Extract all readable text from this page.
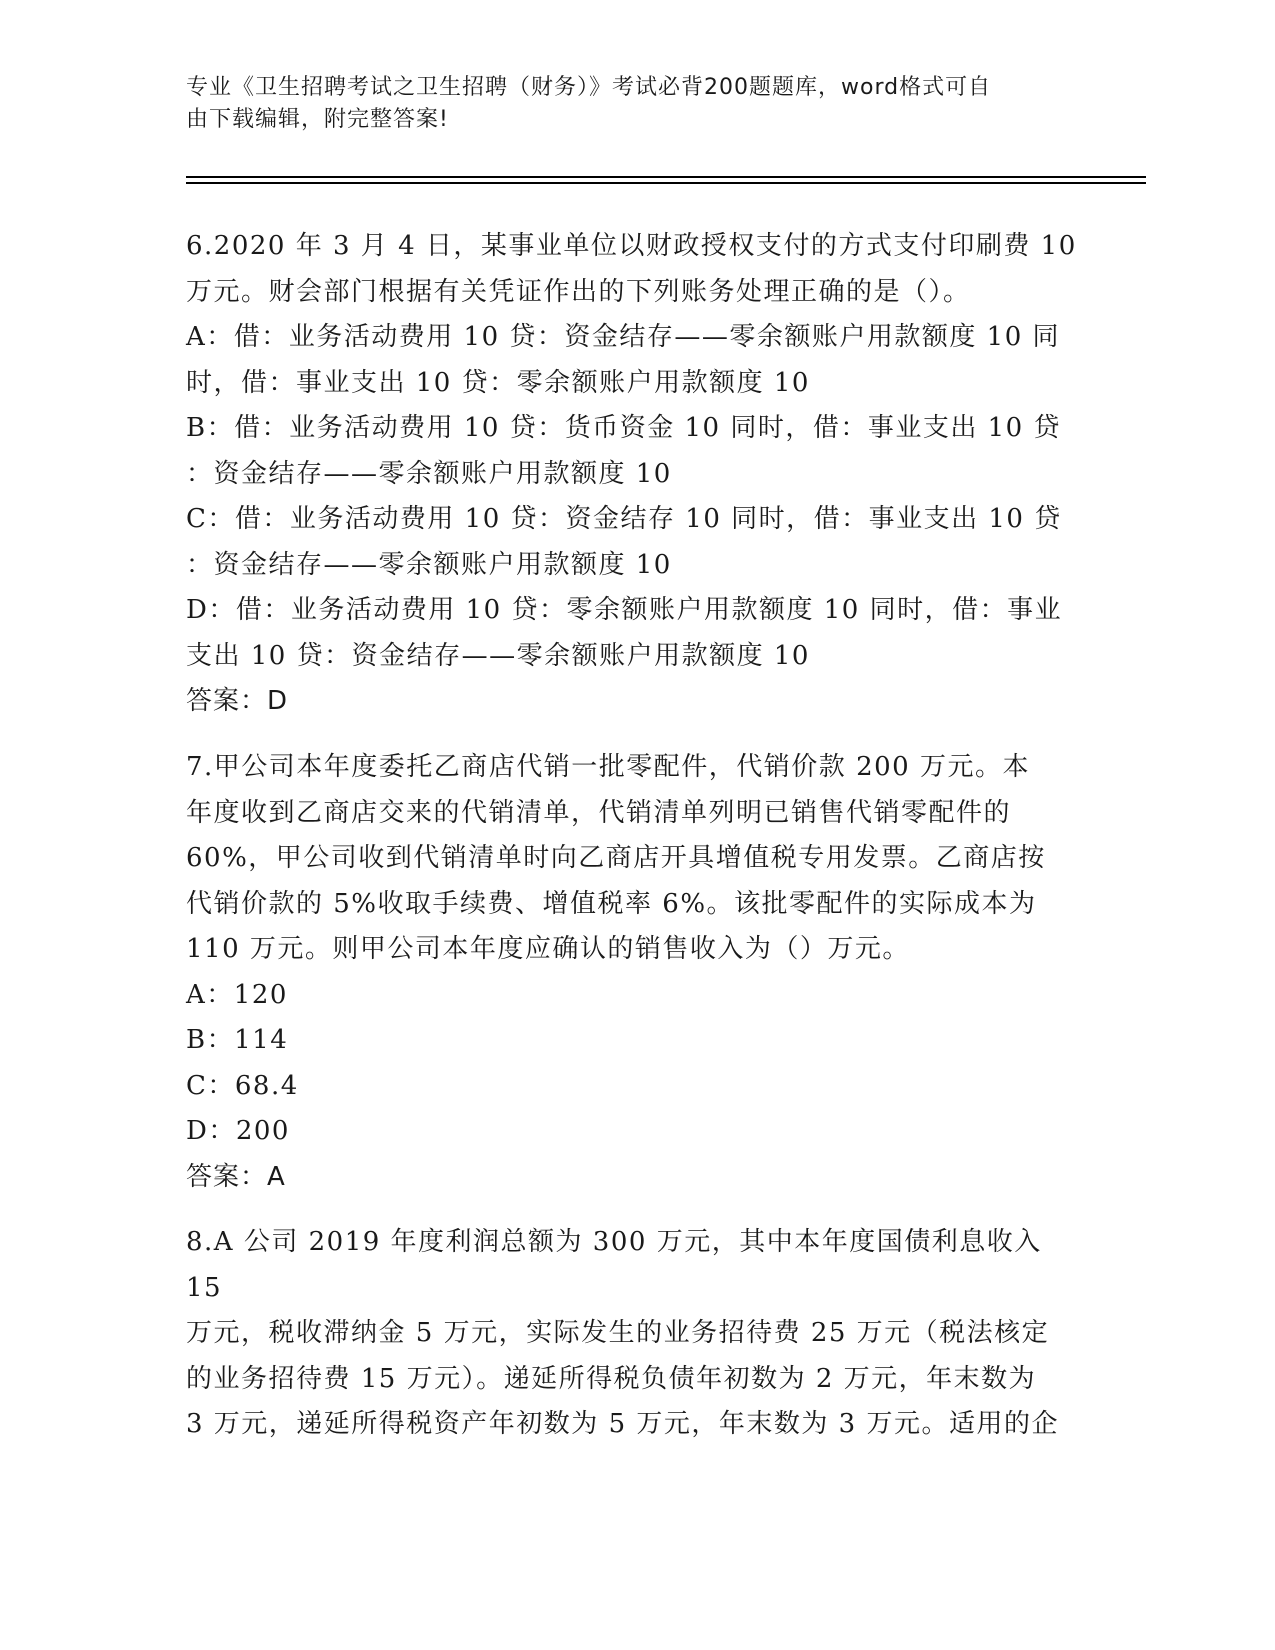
专业《卫生招聘考试之卫生招聘（财务）》考试必背200题题库，word格式可自
由下载编辑，附完整答案!

6.2020 年 3 月 4 日，某事业单位以财政授权支付的方式支付印刷费 10

万元。财会部门根据有关凭证作出的下列账务处理正确的是（）。

A：借：业务活动费用 10 贷：资金结存——零余额账户用款额度 10 同

时，借：事业支出 10 贷：零余额账户用款额度 10

B：借：业务活动费用 10 贷：货币资金 10 同时，借：事业支出 10 贷

：资金结存——零余额账户用款额度 10

C：借：业务活动费用 10 贷：资金结存 10 同时，借：事业支出 10 贷

：资金结存——零余额账户用款额度 10

D：借：业务活动费用 10 贷：零余额账户用款额度 10 同时，借：事业

支出 10 贷：资金结存——零余额账户用款额度 10

答案：D

7.甲公司本年度委托乙商店代销一批零配件，代销价款 200 万元。本

年度收到乙商店交来的代销清单，代销清单列明已销售代销零配件的

60%，甲公司收到代销清单时向乙商店开具增值税专用发票。乙商店按

代销价款的 5%收取手续费、增值税率 6%。该批零配件的实际成本为

110 万元。则甲公司本年度应确认的销售收入为（）万元。

A：120

B：114

C：68.4

D：200

答案：A

8.A 公司 2019 年度利润总额为 300 万元，其中本年度国债利息收入 15

万元，税收滞纳金 5 万元，实际发生的业务招待费 25 万元（税法核定

的业务招待费 15 万元）。递延所得税负债年初数为 2 万元，年末数为

3 万元，递延所得税资产年初数为 5 万元，年末数为 3 万元。适用的企
